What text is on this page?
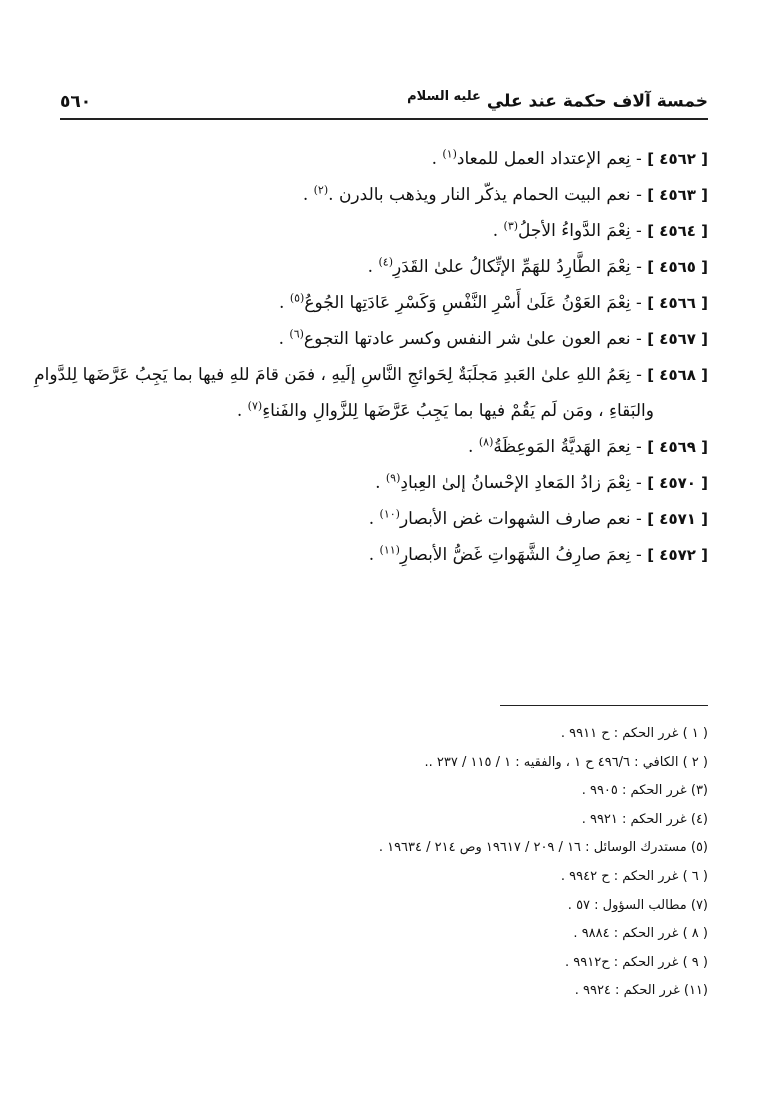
خمسة آلاف حكمة عند علي $^{عليه السلام}$
٥٦٠
[ ٤٥٦٢ ] - نِعم الإعتداد العمل للمعاد$^{(١)}$ .
[ ٤٥٦٣ ] - نعم البيت الحمام يذكّر النار ويذهب بالدرن .$^{(٢)}$ .
[ ٤٥٦٤ ] - نِعْمَ الدَّواءُ الأجلُ$^{(٣)}$ .
[ ٤٥٦٥ ] - نِعْمَ الطَّارِدُ للهَمِّ الإتِّكالُ علىٰ القَدَرِ$^{(٤)}$ .
[ ٤٥٦٦ ] - نِعْمَ العَوْنُ عَلَىٰ أَسْرِ النَّفْسِ وَكَسْرِ عَادَتِها الجُوعُ$^{(٥)}$ .
[ ٤٥٦٧ ] - نعم العون علىٰ شر النفس وكسر عادتها التجوع$^{(٦)}$ .
[ ٤٥٦٨ ] - نِعَمُ اللهِ علىٰ العَبدِ مَجلَبَةٌ لِحَوائجِ النَّاسِ إلَيهِ ، فمَن قامَ للهِ فيها بما يَجِبُ عَرَّضَها لِلدَّوامِ
والبَقاءِ ، ومَن لَم يَقُمْ فيها بما يَجِبُ عَرَّضَها لِلزَّوالِ والفَناءِ$^{(٧)}$ .
[ ٤٥٦٩ ] - نِعمَ الهَديَّةُ المَوعِظَةُ$^{(٨)}$ .
[ ٤٥٧٠ ] - نِعْمَ زادُ المَعادِ الإحْسانُ إلىٰ العِبادِ$^{(٩)}$ .
[ ٤٥٧١ ] - نعم صارف الشهوات غض الأبصار$^{(١٠)}$ .
[ ٤٥٧٢ ] - نِعمَ صارِفُ الشَّهَواتِ غَضُّ الأبصارِ$^{(١١)}$ .
( ١ ) غرر الحكم : ح ٩٩١١ .
( ٢ ) الكافي : ٤٩٦/٦ ح ١ ، والفقيه : ١ / ١١٥ / ٢٣٧ ..
(٣) غرر الحكم : ٩٩٠٥ .
(٤) غرر الحكم : ٩٩٢١ .
(٥) مستدرك الوسائل : ١٦ / ٢٠٩ / ١٩٦١٧ وص ٢١٤ / ١٩٦٣٤ .
( ٦ ) غرر الحكم : ح ٩٩٤٢ .
(٧) مطالب السؤول : ٥٧ .
( ٨ ) غرر الحكم : ٩٨٨٤ .
( ٩ ) غرر الحكم : ح٩٩١٢ .
(١١) غرر الحكم : ٩٩٢٤ .
